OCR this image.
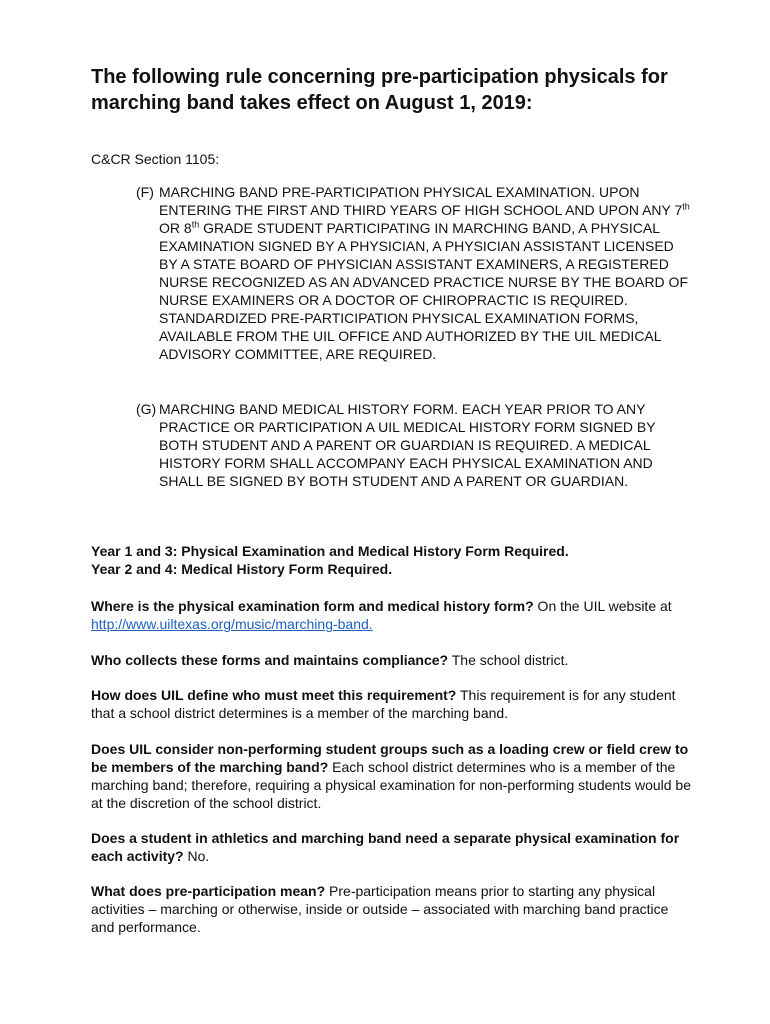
The following rule concerning pre-participation physicals for marching band takes effect on August 1, 2019:

C&CR Section 1105:

(F) MARCHING BAND PRE-PARTICIPATION PHYSICAL EXAMINATION. UPON ENTERING THE FIRST AND THIRD YEARS OF HIGH SCHOOL AND UPON ANY 7th OR 8th GRADE STUDENT PARTICIPATING IN MARCHING BAND, A PHYSICAL EXAMINATION SIGNED BY A PHYSICIAN, A PHYSICIAN ASSISTANT LICENSED BY A STATE BOARD OF PHYSICIAN ASSISTANT EXAMINERS, A REGISTERED NURSE RECOGNIZED AS AN ADVANCED PRACTICE NURSE BY THE BOARD OF NURSE EXAMINERS OR A DOCTOR OF CHIROPRACTIC IS REQUIRED. STANDARDIZED PRE-PARTICIPATION PHYSICAL EXAMINATION FORMS, AVAILABLE FROM THE UIL OFFICE AND AUTHORIZED BY THE UIL MEDICAL ADVISORY COMMITTEE, ARE REQUIRED.
(G) MARCHING BAND MEDICAL HISTORY FORM. EACH YEAR PRIOR TO ANY PRACTICE OR PARTICIPATION A UIL MEDICAL HISTORY FORM SIGNED BY BOTH STUDENT AND A PARENT OR GUARDIAN IS REQUIRED. A MEDICAL HISTORY FORM SHALL ACCOMPANY EACH PHYSICAL EXAMINATION AND SHALL BE SIGNED BY BOTH STUDENT AND A PARENT OR GUARDIAN.
Year 1 and 3: Physical Examination and Medical History Form Required.
Year 2 and 4: Medical History Form Required.

Where is the physical examination form and medical history form? On the UIL website at http://www.uiltexas.org/music/marching-band.

Who collects these forms and maintains compliance? The school district.

How does UIL define who must meet this requirement? This requirement is for any student that a school district determines is a member of the marching band.

Does UIL consider non-performing student groups such as a loading crew or field crew to be members of the marching band? Each school district determines who is a member of the marching band; therefore, requiring a physical examination for non-performing students would be at the discretion of the school district.

Does a student in athletics and marching band need a separate physical examination for each activity? No.

What does pre-participation mean? Pre-participation means prior to starting any physical activities – marching or otherwise, inside or outside – associated with marching band practice and performance.
